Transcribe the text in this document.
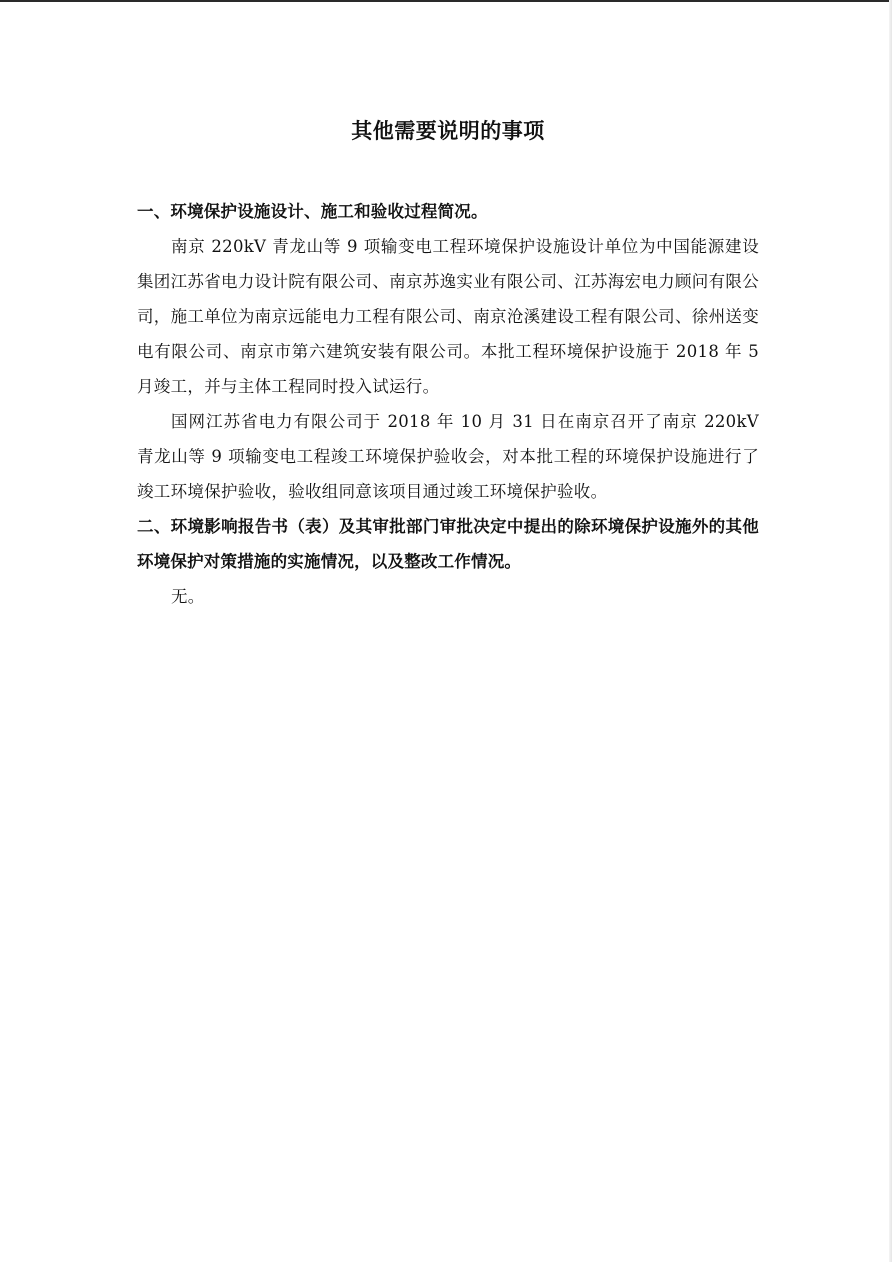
其他需要说明的事项

一、环境保护设施设计、施工和验收过程简况。

南京 220kV 青龙山等 9 项输变电工程环境保护设施设计单位为中国能源建设集团江苏省电力设计院有限公司、南京苏逸实业有限公司、江苏海宏电力顾问有限公司，施工单位为南京远能电力工程有限公司、南京沧溪建设工程有限公司、徐州送变电有限公司、南京市第六建筑安装有限公司。本批工程环境保护设施于 2018 年 5 月竣工，并与主体工程同时投入试运行。

国网江苏省电力有限公司于 2018 年 10 月 31 日在南京召开了南京 220kV 青龙山等 9 项输变电工程竣工环境保护验收会，对本批工程的环境保护设施进行了竣工环境保护验收，验收组同意该项目通过竣工环境保护验收。

二、环境影响报告书（表）及其审批部门审批决定中提出的除环境保护设施外的其他环境保护对策措施的实施情况，以及整改工作情况。

无。
